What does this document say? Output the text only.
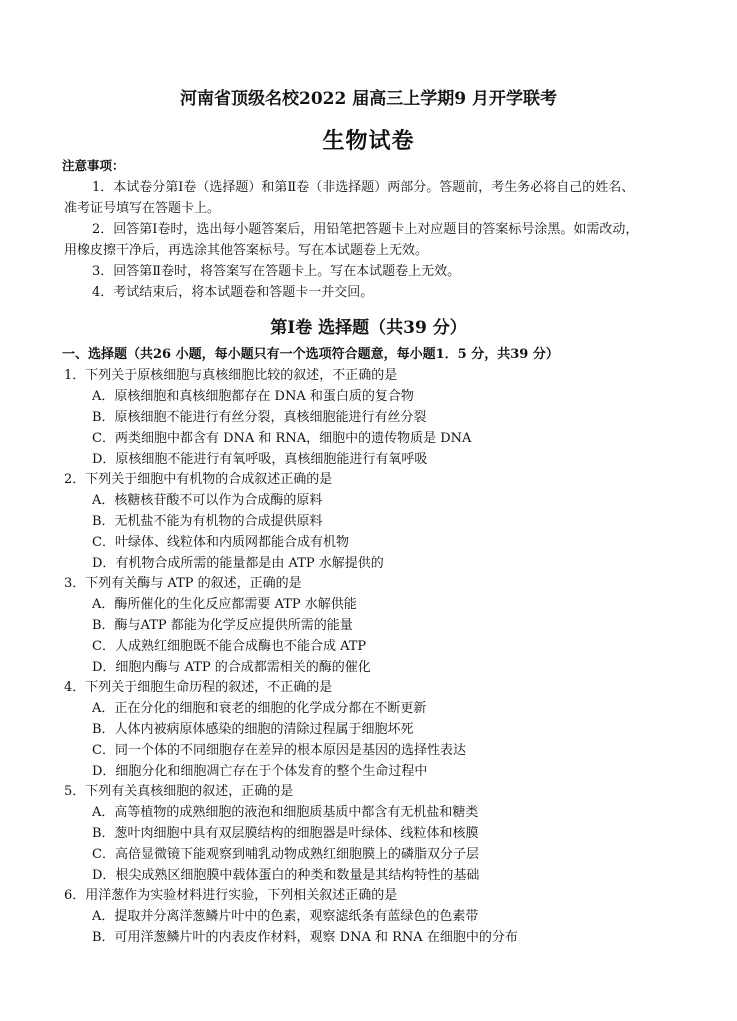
河南省顶级名校2022 届高三上学期9 月开学联考
生物试卷
注意事项：
1．本试卷分第Ⅰ卷（选择题）和第Ⅱ卷（非选择题）两部分。答题前，考生务必将自己的姓名、
准考证号填写在答题卡上。
2．回答第Ⅰ卷时，选出每小题答案后，用铅笔把答题卡上对应题目的答案标号涂黑。如需改动，
用橡皮擦干净后，再选涂其他答案标号。写在本试题卷上无效。
3．回答第Ⅱ卷时，将答案写在答题卡上。写在本试题卷上无效。
4．考试结束后，将本试题卷和答题卡一并交回。
第Ⅰ卷 选择题（共39 分）
一、选择题（共26 小题，每小题只有一个选项符合题意，每小题1．5 分，共39 分）
1．下列关于原核细胞与真核细胞比较的叙述，不正确的是
A．原核细胞和真核细胞都存在 DNA 和蛋白质的复合物
B．原核细胞不能进行有丝分裂，真核细胞能进行有丝分裂
C．两类细胞中都含有 DNA 和 RNA，细胞中的遗传物质是 DNA
D．原核细胞不能进行有氧呼吸，真核细胞能进行有氧呼吸
2．下列关于细胞中有机物的合成叙述正确的是
A．核糖核苷酸不可以作为合成酶的原料
B．无机盐不能为有机物的合成提供原料
C．叶绿体、线粒体和内质网都能合成有机物
D．有机物合成所需的能量都是由 ATP 水解提供的
3．下列有关酶与 ATP 的叙述，正确的是
A．酶所催化的生化反应都需要 ATP 水解供能
B．酶与ATP 都能为化学反应提供所需的能量
C．人成熟红细胞既不能合成酶也不能合成 ATP
D．细胞内酶与 ATP 的合成都需相关的酶的催化
4．下列关于细胞生命历程的叙述，不正确的是
A．正在分化的细胞和衰老的细胞的化学成分都在不断更新
B．人体内被病原体感染的细胞的清除过程属于细胞坏死
C．同一个体的不同细胞存在差异的根本原因是基因的选择性表达
D．细胞分化和细胞凋亡存在于个体发育的整个生命过程中
5．下列有关真核细胞的叙述，正确的是
A．高等植物的成熟细胞的液泡和细胞质基质中都含有无机盐和糖类
B．葱叶肉细胞中具有双层膜结构的细胞器是叶绿体、线粒体和核膜
C．高倍显微镜下能观察到哺乳动物成熟红细胞膜上的磷脂双分子层
D．根尖成熟区细胞膜中载体蛋白的种类和数量是其结构特性的基础
6．用洋葱作为实验材料进行实验，下列相关叙述正确的是
A．提取并分离洋葱鳞片叶中的色素，观察滤纸条有蓝绿色的色素带
B．可用洋葱鳞片叶的内表皮作材料，观察 DNA 和 RNA 在细胞中的分布
